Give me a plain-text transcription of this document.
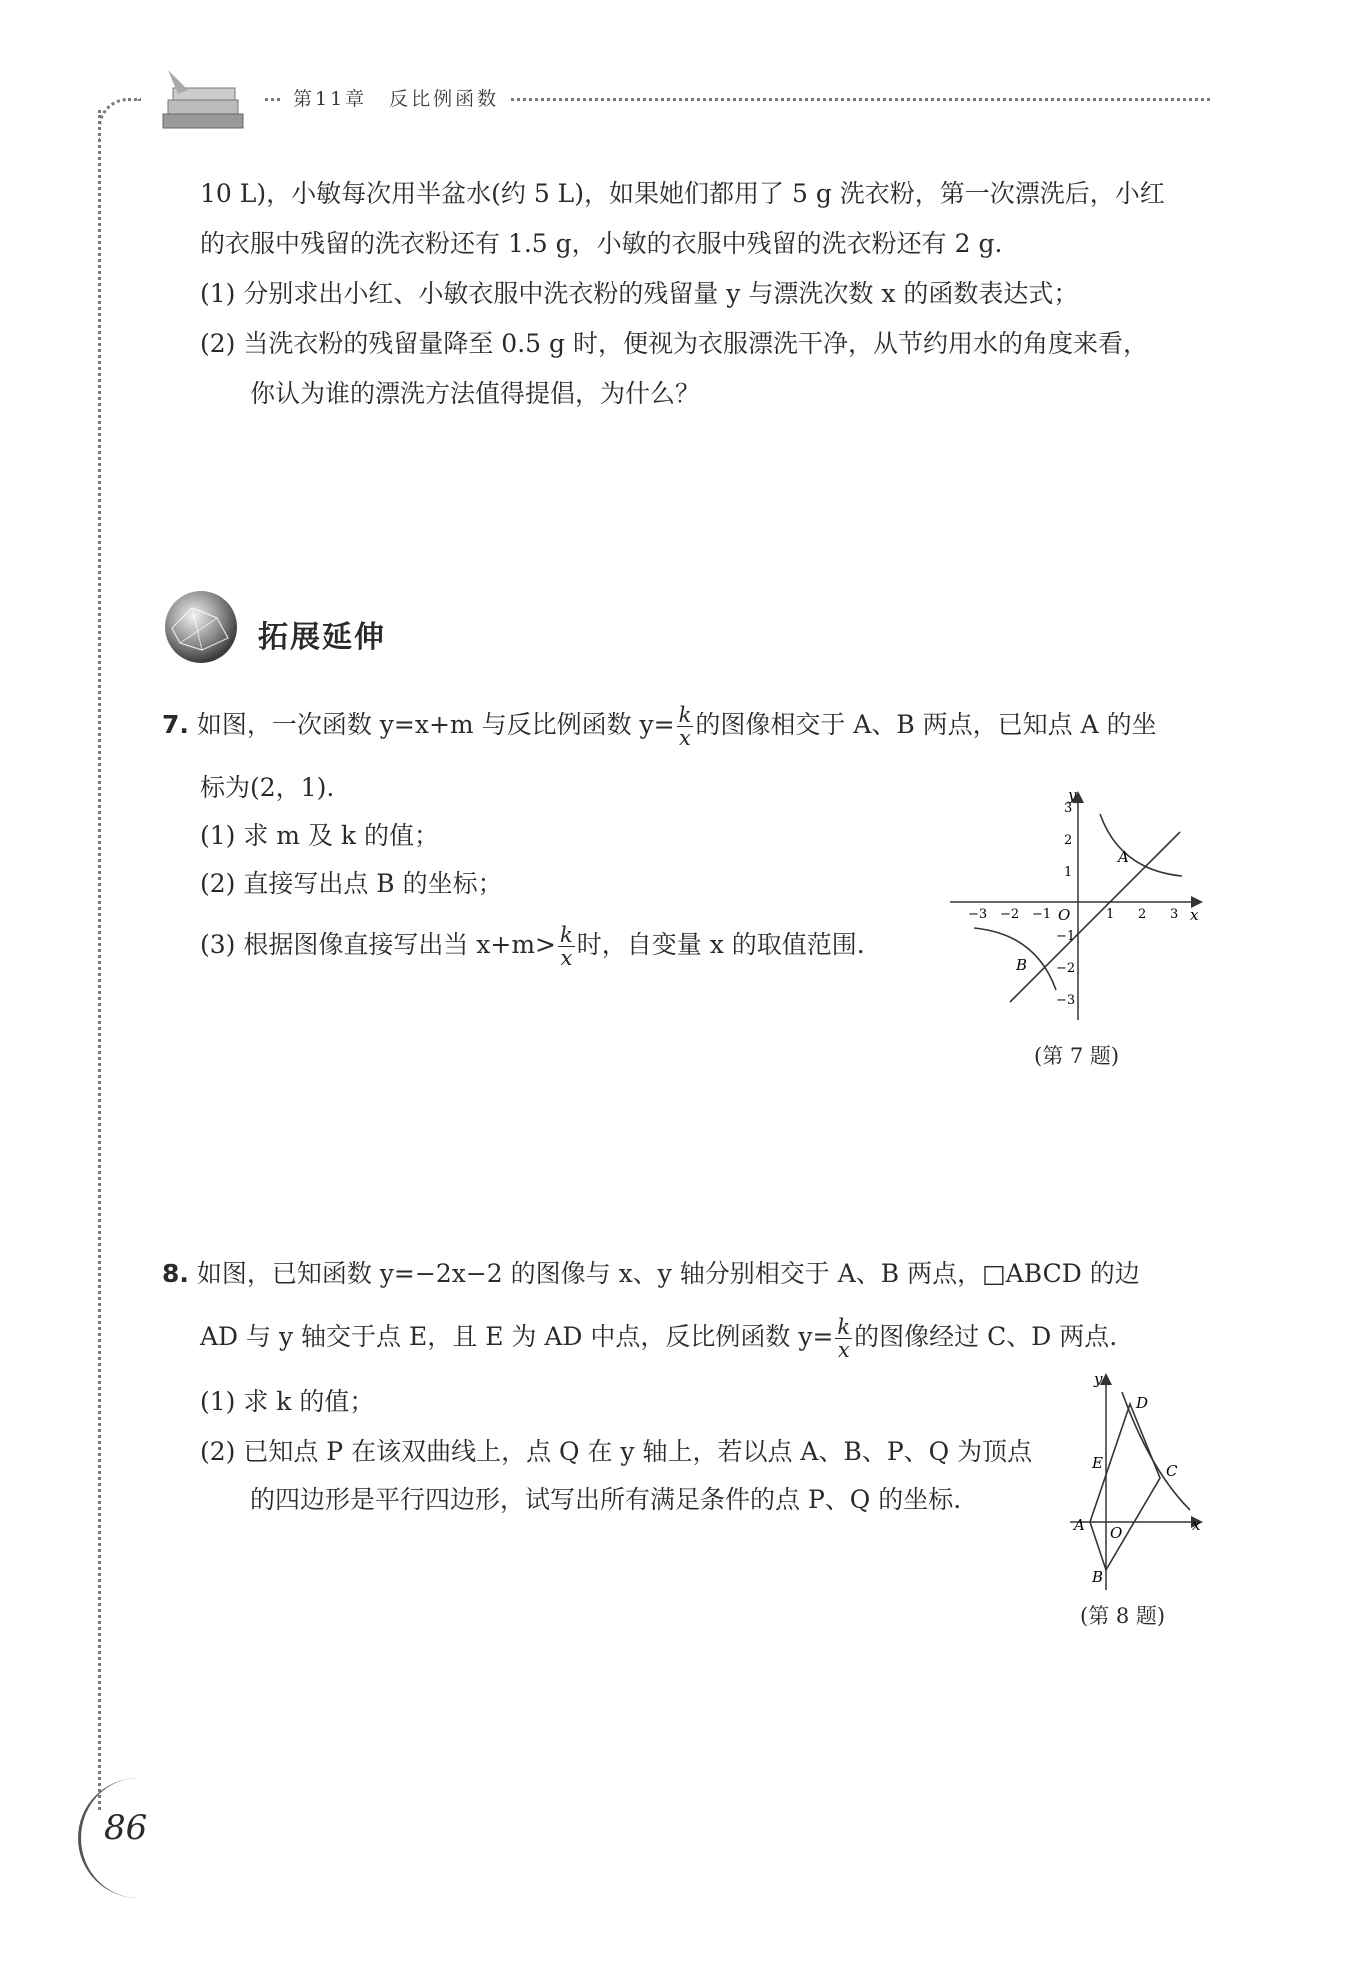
第11章　反比例函数
10 L)，小敏每次用半盆水(约 5 L)，如果她们都用了 5 g 洗衣粉，第一次漂洗后，小红
的衣服中残留的洗衣粉还有 1.5 g，小敏的衣服中残留的洗衣粉还有 2 g.
(1) 分别求出小红、小敏衣服中洗衣粉的残留量 y 与漂洗次数 x 的函数表达式；
(2) 当洗衣粉的残留量降至 0.5 g 时，便视为衣服漂洗干净，从节约用水的角度来看，
你认为谁的漂洗方法值得提倡，为什么？
拓展延伸
7. 如图，一次函数 y=x+m 与反比例函数 $y= \frac{k}{x}$ 的图像相交于 A、B 两点，已知点 A 的坐
标为(2，1).
(1) 求 m 及 k 的值；
(2) 直接写出点 B 的坐标；
(3) 根据图像直接写出当 $x+m> \frac{k}{x}$ 时，自变量 x 的取值范围.
y
x
O
A
B
−3 −2 −1	1 2 3
3
2
1
−1
−2
−3
(第 7 题)
8. 如图，已知函数 y=−2x−2 的图像与 x、y 轴分别相交于 A、B 两点，□ABCD 的边
AD 与 y 轴交于点 E，且 E 为 AD 中点，反比例函数 $y= \frac{k}{x}$ 的图像经过 C、D 两点.
(1) 求 k 的值；
(2) 已知点 P 在该双曲线上，点 Q 在 y 轴上，若以点 A、B、P、Q 为顶点
的四边形是平行四边形，试写出所有满足条件的点 P、Q 的坐标.
y
x
O
A
B
C
D
E
(第 8 题)
86
